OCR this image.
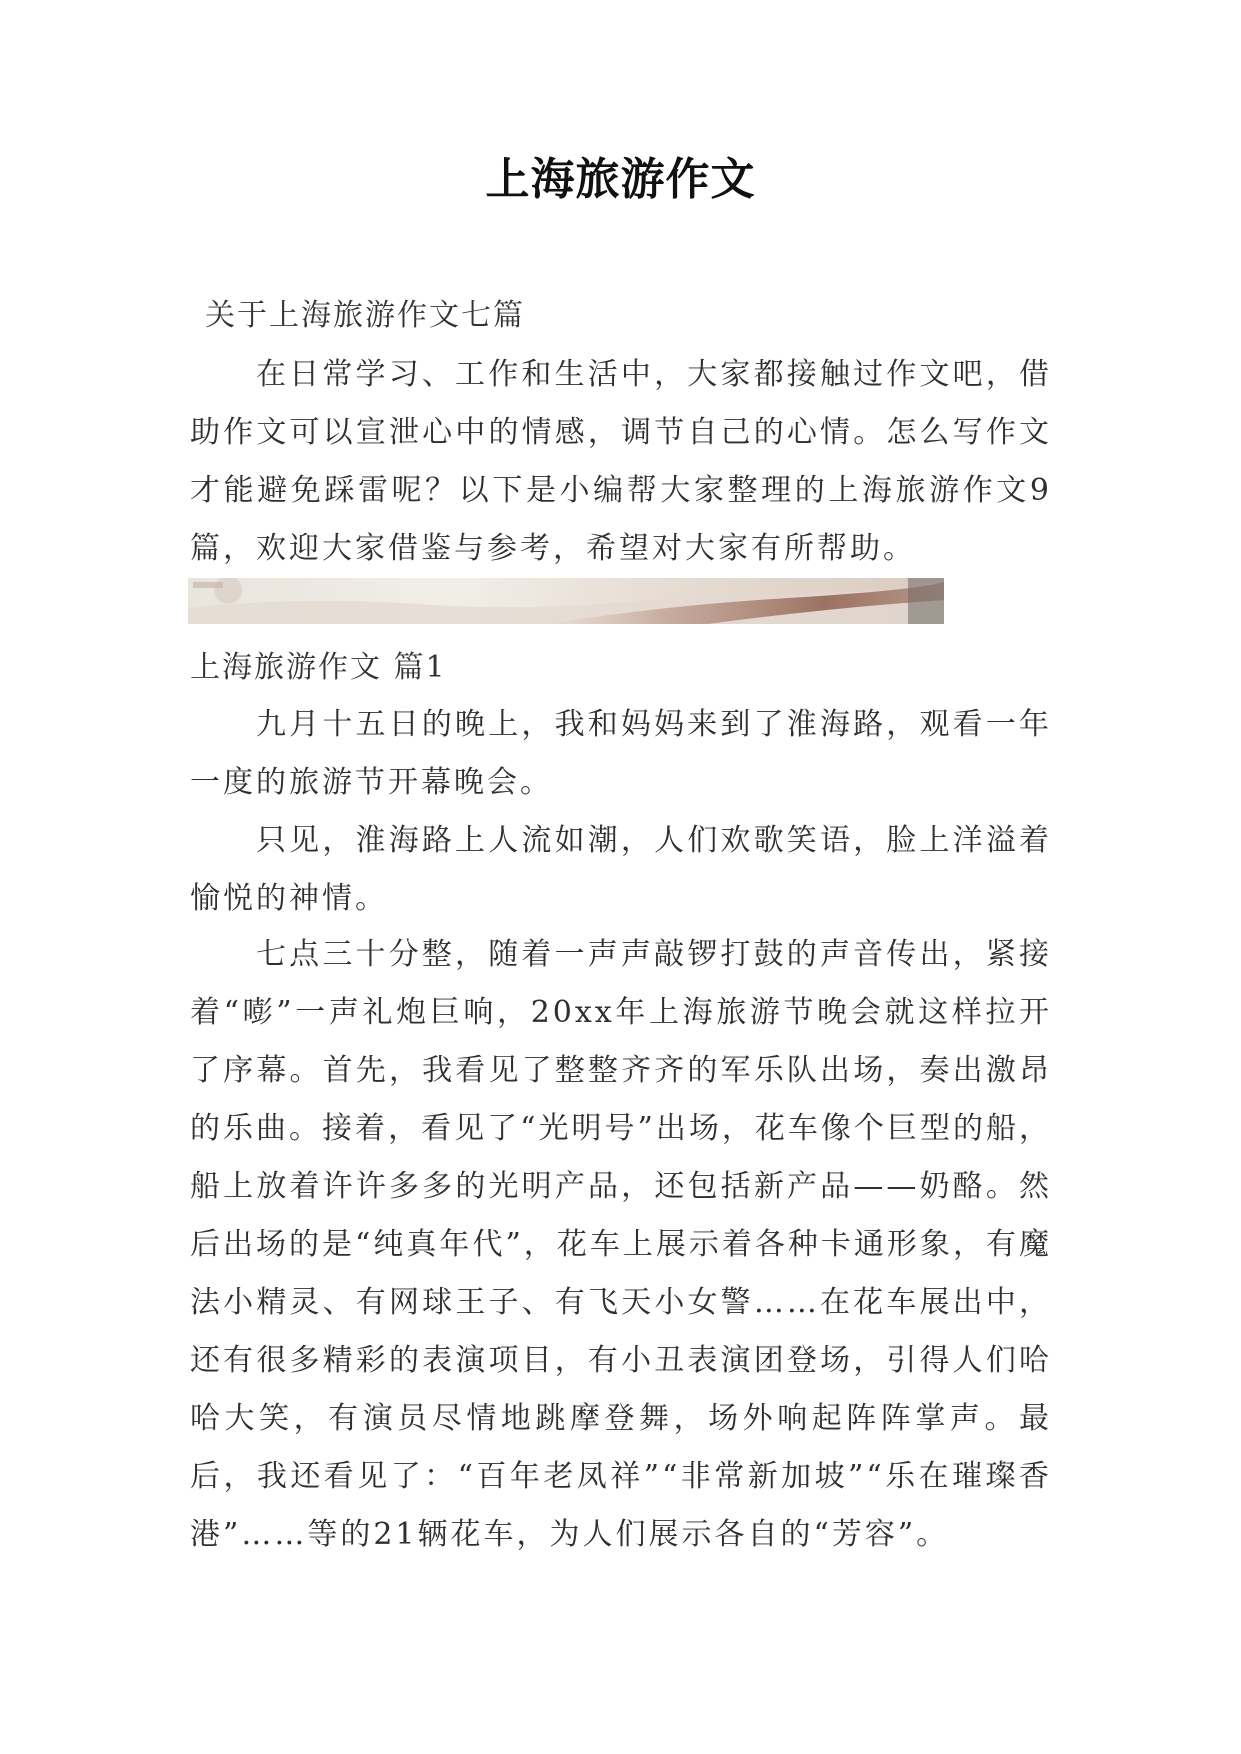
上海旅游作文
关于上海旅游作文七篇

在日常学习、工作和生活中，大家都接触过作文吧，借助作文可以宣泄心中的情感，调节自己的心情。怎么写作文才能避免踩雷呢？以下是小编帮大家整理的上海旅游作文9篇，欢迎大家借鉴与参考，希望对大家有所帮助。

上海旅游作文 篇1

九月十五日的晚上，我和妈妈来到了淮海路，观看一年一度的旅游节开幕晚会。

只见，淮海路上人流如潮，人们欢歌笑语，脸上洋溢着愉悦的神情。

七点三十分整，随着一声声敲锣打鼓的声音传出，紧接着“嘭”一声礼炮巨响，20xx年上海旅游节晚会就这样拉开了序幕。首先，我看见了整整齐齐的军乐队出场，奏出激昂的乐曲。接着，看见了“光明号”出场，花车像个巨型的船，船上放着许许多多的光明产品，还包括新产品——奶酪。然后出场的是“纯真年代”，花车上展示着各种卡通形象，有魔法小精灵、有网球王子、有飞天小女警……在花车展出中，还有很多精彩的表演项目，有小丑表演团登场，引得人们哈哈大笑，有演员尽情地跳摩登舞，场外响起阵阵掌声。最后，我还看见了：“百年老凤祥”“非常新加坡”“乐在璀璨香港”……等的21辆花车，为人们展示各自的“芳容”。
